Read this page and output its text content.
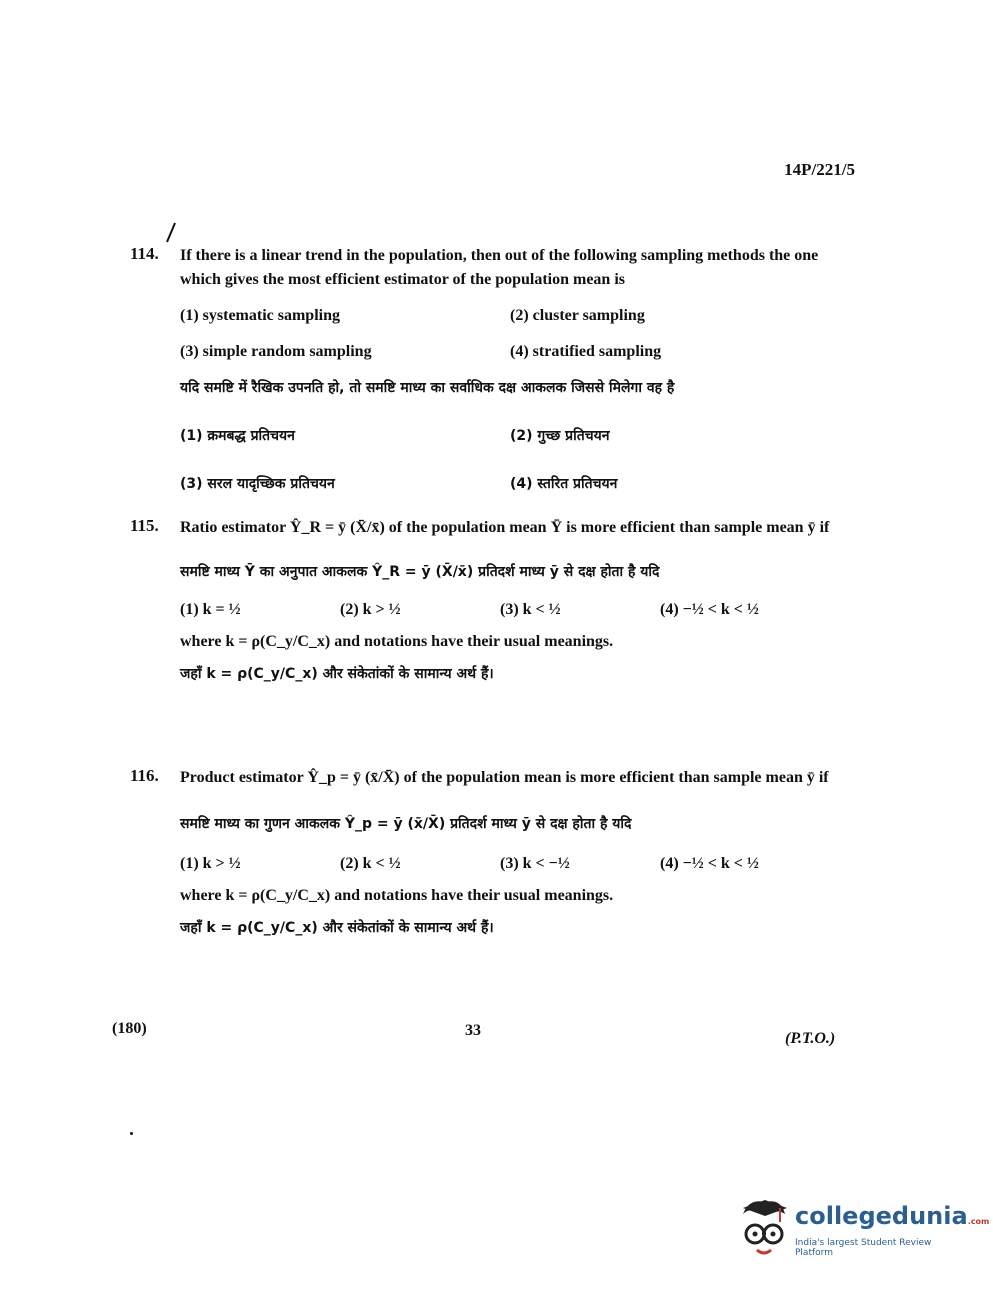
14P/221/5
114. If there is a linear trend in the population, then out of the following sampling methods the one which gives the most efficient estimator of the population mean is
(1) systematic sampling	(2) cluster sampling
(3) simple random sampling	(4) stratified sampling
यदि समष्टि में रैखिक उपनति हो, तो समष्टि माध्य का सर्वाधिक दक्ष आकलक जिससे मिलेगा वह है
(1) क्रमबद्ध प्रतिचयन	(2) गुच्छ प्रतिचयन
(3) सरल यादृच्छिक प्रतिचयन	(4) स्तरित प्रतिचयन
115. Ratio estimator Ŷ_R = ȳ (X̄/x̄) of the population mean Ȳ is more efficient than sample mean ȳ if
समष्टि माध्य Ȳ का अनुपात आकलक Ŷ_R = ȳ (X̄/x̄) प्रतिदर्श माध्य ȳ से दक्ष होता है यदि
(1) k = ½	(2) k > ½	(3) k < ½	(4) −½ < k < ½
where k = ρ(C_y/C_x) and notations have their usual meanings.
जहाँ k = ρ(C_y/C_x) और संकेतांकों के सामान्य अर्थ हैं।
116. Product estimator Ŷ_p = ȳ (x̄/X̄) of the population mean is more efficient than sample mean ȳ if
समष्टि माध्य का गुणन आकलक Ŷ_p = ȳ (x̄/X̄) प्रतिदर्श माध्य ȳ से दक्ष होता है यदि
(1) k > ½	(2) k < ½	(3) k < −½	(4) −½ < k < ½
where k = ρ(C_y/C_x) and notations have their usual meanings.
जहाँ k = ρ(C_y/C_x) और संकेतांकों के सामान्य अर्थ हैं।
(180)	33	(P.T.O.)
collegedunia.com
India's largest Student Review Platform
